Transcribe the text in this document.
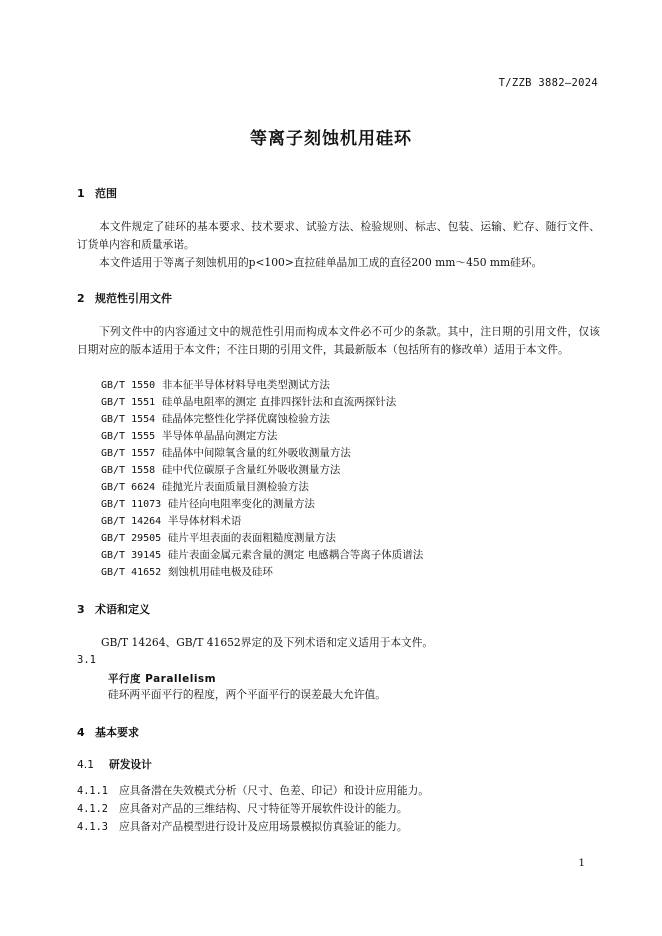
T/ZZB 3882—2024
等离子刻蚀机用硅环
1 范围
本文件规定了硅环的基本要求、技术要求、试验方法、检验规则、标志、包装、运输、贮存、随行文件、订货单内容和质量承诺。
本文件适用于等离子刻蚀机用的p<100>直拉硅单晶加工成的直径200 mm～450 mm硅环。
2 规范性引用文件
下列文件中的内容通过文中的规范性引用而构成本文件必不可少的条款。其中，注日期的引用文件，仅该日期对应的版本适用于本文件；不注日期的引用文件，其最新版本（包括所有的修改单）适用于本文件。
GB/T 1550 非本征半导体材料导电类型测试方法
GB/T 1551 硅单晶电阻率的测定 直排四探针法和直流两探针法
GB/T 1554 硅晶体完整性化学择优腐蚀检验方法
GB/T 1555 半导体单晶晶向测定方法
GB/T 1557 硅晶体中间隙氧含量的红外吸收测量方法
GB/T 1558 硅中代位碳原子含量红外吸收测量方法
GB/T 6624 硅抛光片表面质量目测检验方法
GB/T 11073 硅片径向电阻率变化的测量方法
GB/T 14264 半导体材料术语
GB/T 29505 硅片平坦表面的表面粗糙度测量方法
GB/T 39145 硅片表面金属元素含量的测定 电感耦合等离子体质谱法
GB/T 41652 刻蚀机用硅电极及硅环
3 术语和定义
GB/T 14264、GB/T 41652界定的及下列术语和定义适用于本文件。
3.1
平行度 Parallelism
硅环两平面平行的程度，两个平面平行的误差最大允许值。
4 基本要求
4.1 研发设计
4.1.1 应具备潜在失效模式分析（尺寸、色差、印记）和设计应用能力。
4.1.2 应具备对产品的三维结构、尺寸特征等开展软件设计的能力。
4.1.3 应具备对产品模型进行设计及应用场景模拟仿真验证的能力。
1
